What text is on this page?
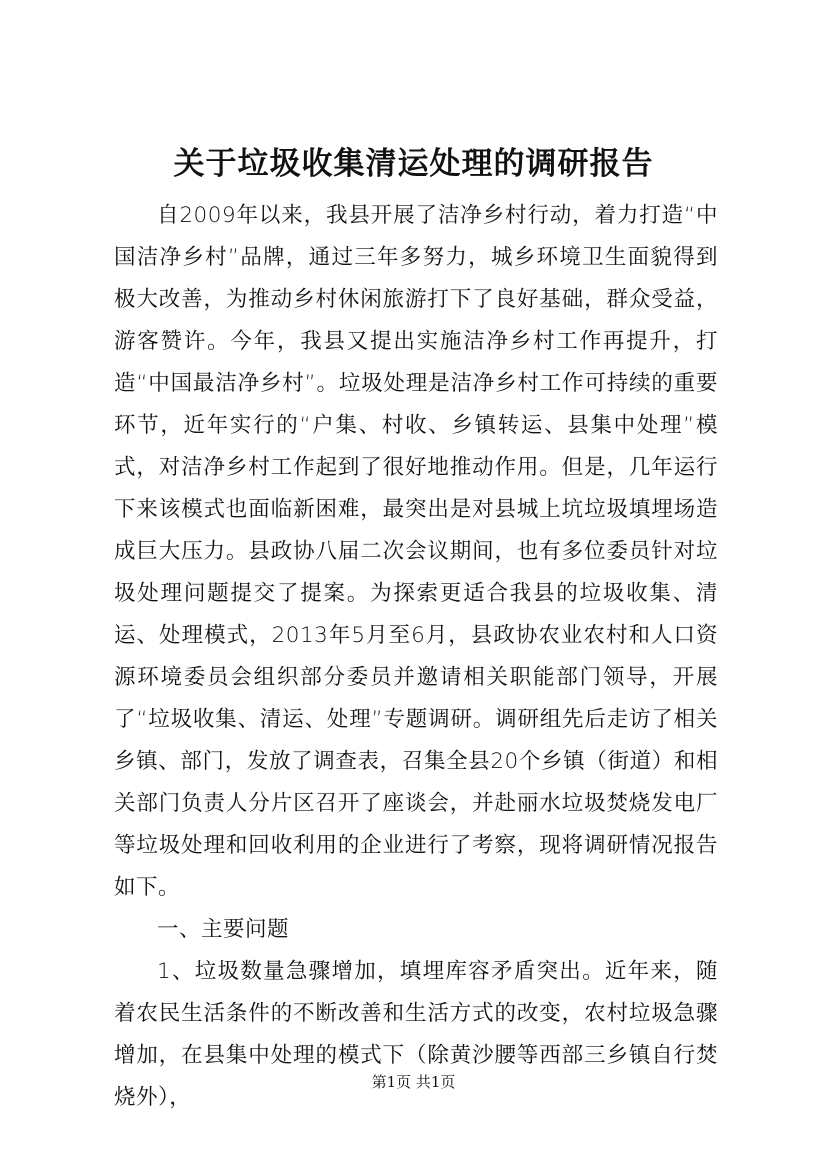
关于垃圾收集清运处理的调研报告

自2009年以来，我县开展了洁净乡村行动，着力打造“中国洁净乡村”品牌，通过三年多努力，城乡环境卫生面貌得到极大改善，为推动乡村休闲旅游打下了良好基础，群众受益，游客赞许。今年，我县又提出实施洁净乡村工作再提升，打造“中国最洁净乡村”。垃圾处理是洁净乡村工作可持续的重要环节，近年实行的“户集、村收、乡镇转运、县集中处理”模式，对洁净乡村工作起到了很好地推动作用。但是，几年运行下来该模式也面临新困难，最突出是对县城上坑垃圾填埋场造成巨大压力。县政协八届二次会议期间，也有多位委员针对垃圾处理问题提交了提案。为探索更适合我县的垃圾收集、清运、处理模式，2013年5月至6月，县政协农业农村和人口资源环境委员会组织部分委员并邀请相关职能部门领导，开展了“垃圾收集、清运、处理”专题调研。调研组先后走访了相关乡镇、部门，发放了调查表，召集全县20个乡镇（街道）和相关部门负责人分片区召开了座谈会，并赴丽水垃圾焚烧发电厂等垃圾处理和回收利用的企业进行了考察，现将调研情况报告如下。

一、主要问题

1、垃圾数量急骤增加，填埋库容矛盾突出。近年来，随着农民生活条件的不断改善和生活方式的改变，农村垃圾急骤增加，在县集中处理的模式下（除黄沙腰等西部三乡镇自行焚烧外），

第1页 共1页
